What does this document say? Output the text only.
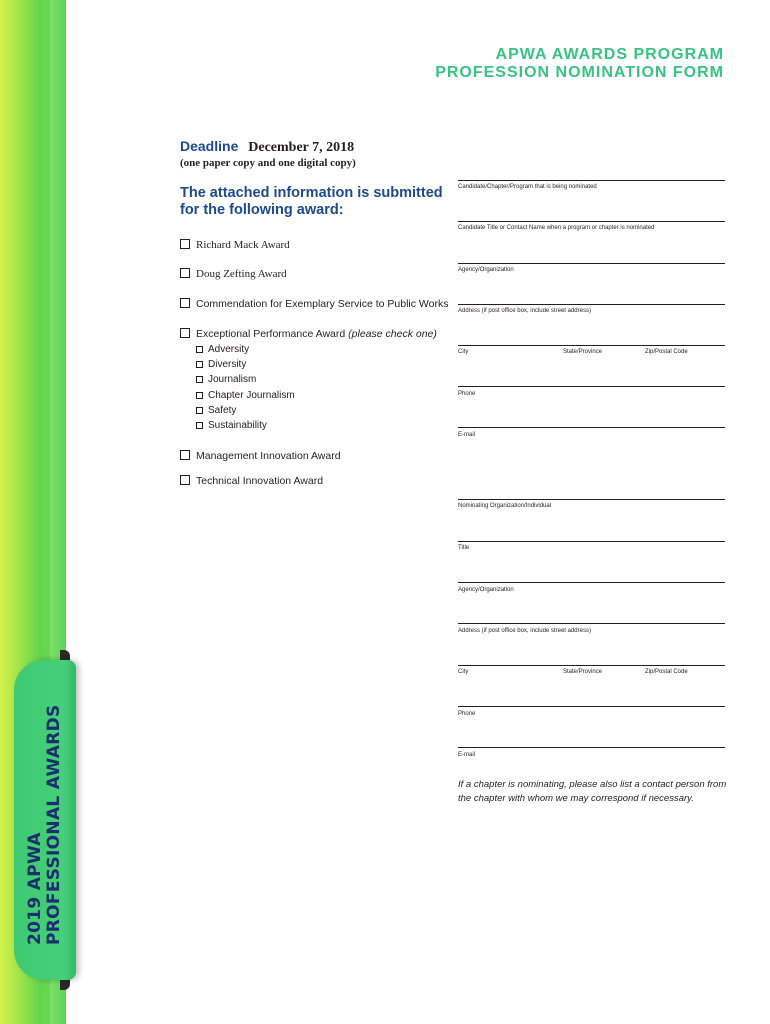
2019 APWA PROFESSIONAL AWARDS
APWA AWARDS PROGRAM
PROFESSION NOMINATION FORM
Deadline December 7, 2018
(one paper copy and one digital copy)
The attached information is submitted for the following award:
Richard Mack Award
Doug Zefting Award
Commendation for Exemplary Service to Public Works
Exceptional Performance Award (please check one)
Adversity
Diversity
Journalism
Chapter Journalism
Safety
Sustainability
Management Innovation Award
Technical Innovation Award
Candidate/Chapter/Program that is being nominated
Candidate Title or Contact Name when a program or chapter is nominated
Agency/Organization
Address (if post office box, include street address)
City	State/Province	Zip/Postal Code
Phone
E-mail
Nominating Organization/Individual
Title
Agency/Organization
Address (if post office box, include street address)
City	State/Province	Zip/Postal Code
Phone
E-mail
If a chapter is nominating, please also list a contact person from the chapter with whom we may correspond if necessary.
